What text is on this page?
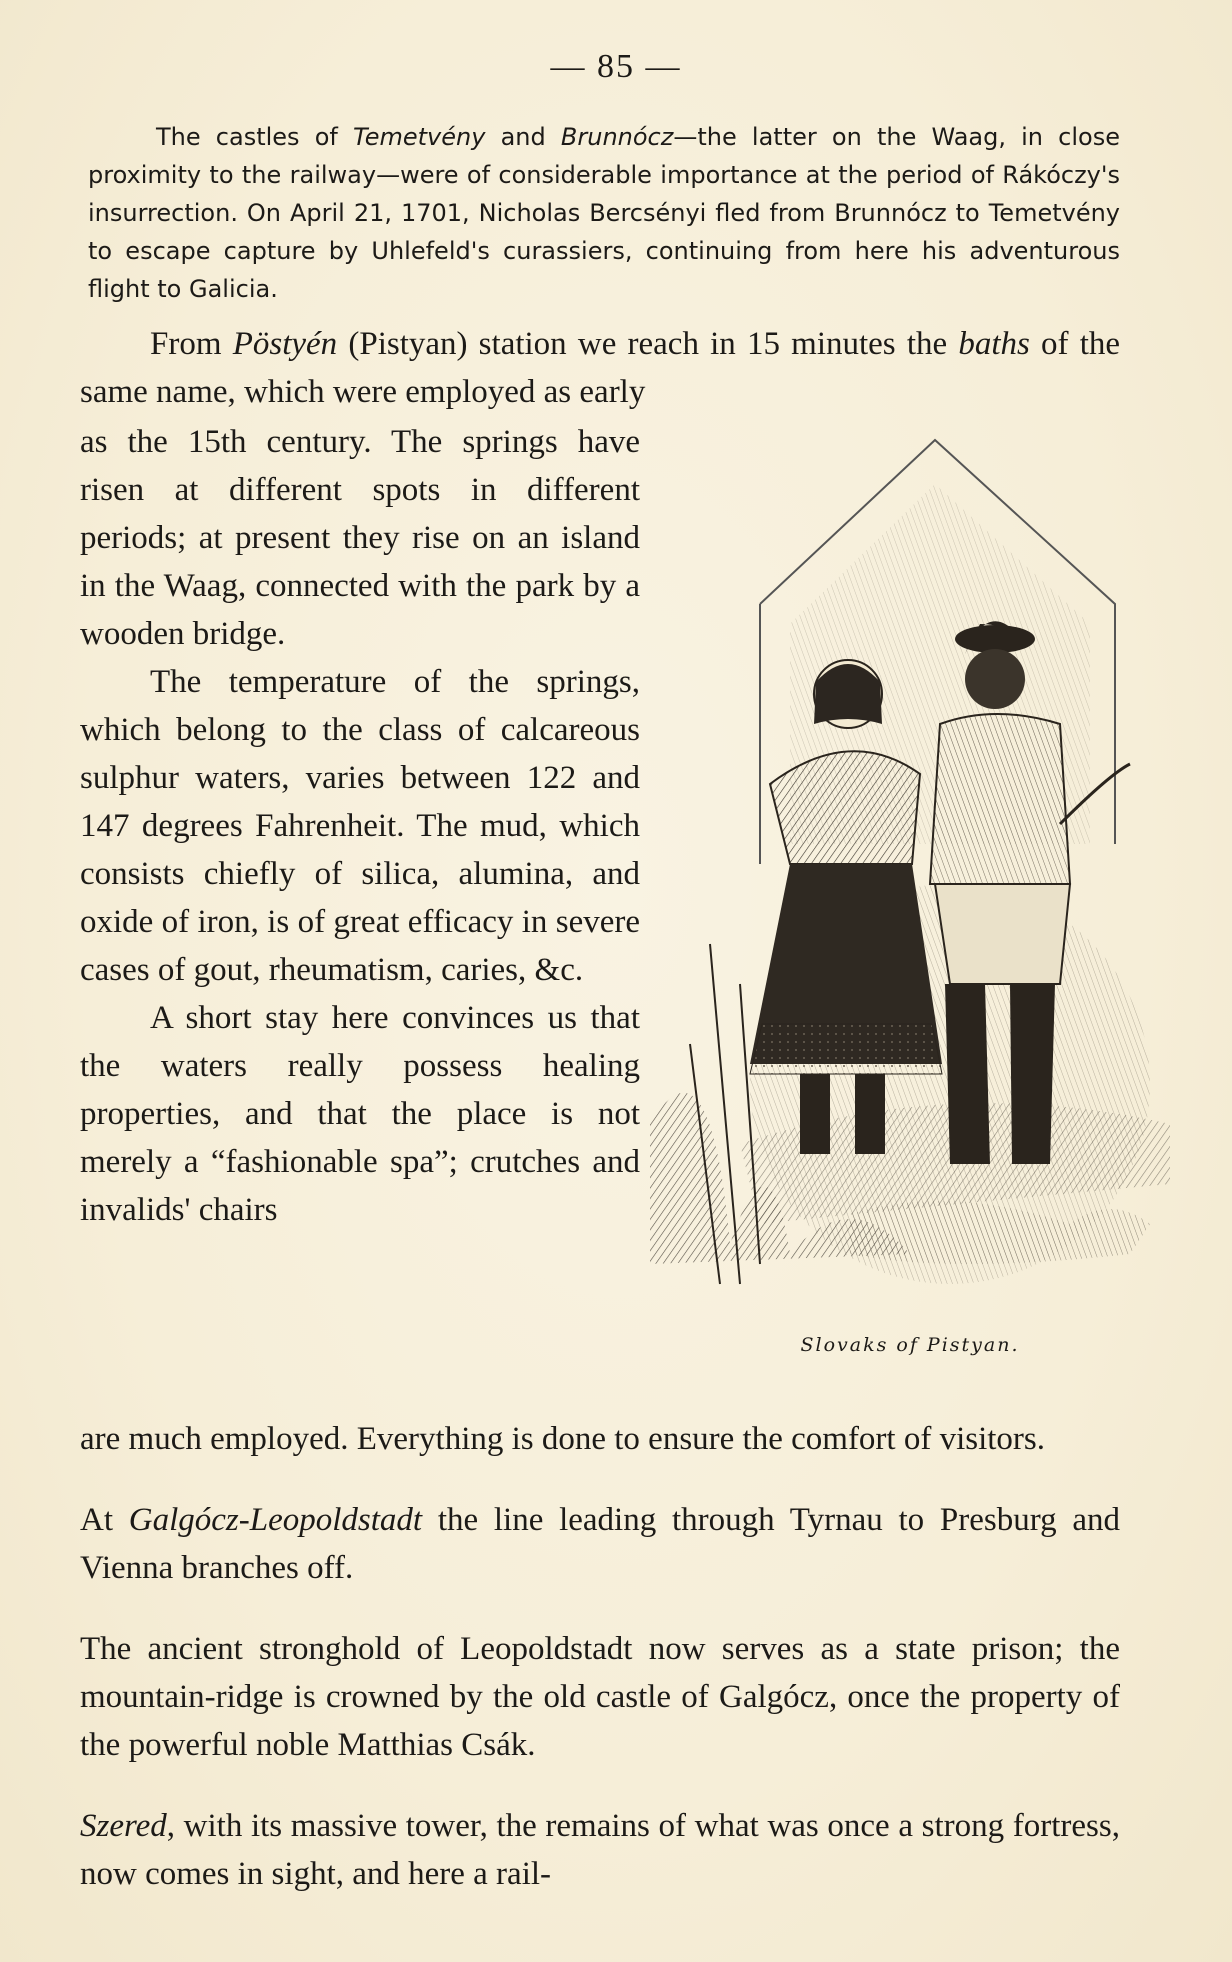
— 85 —

The castles of Temetvény and Brunnócz—the latter on the Waag, in close proximity to the railway—were of considerable importance at the period of Rákóczy's insurrection. On April 21, 1701, Nicholas Bercsényi fled from Brunnócz to Temetvény to escape capture by Uhlefeld's curassiers, continuing from here his adventurous flight to Galicia.

From Pöstyén (Pistyan) station we reach in 15 minutes the baths of the same name, which were employed as early

as the 15th century. The springs have risen at different spots in different periods; at present they rise on an island in the Waag, connected with the park by a wooden bridge.

The temperature of the springs, which belong to the class of calcareous sulphur waters, varies between 122 and 147 degrees Fahrenheit. The mud, which consists chiefly of silica, alumina, and oxide of iron, is of great efficacy in severe cases of gout, rheumatism, caries, &c.

A short stay here convinces us that the waters really possess healing properties, and that the place is not merely a “fashionable spa”; crutches and invalids' chairs

Slovaks of Pistyan.

are much employed. Everything is done to ensure the comfort of visitors.

At Galgócz-Leopoldstadt the line leading through Tyrnau to Presburg and Vienna branches off.

The ancient stronghold of Leopoldstadt now serves as a state prison; the mountain-ridge is crowned by the old castle of Galgócz, once the property of the powerful noble Matthias Csák.

Szered, with its massive tower, the remains of what was once a strong fortress, now comes in sight, and here a rail-
